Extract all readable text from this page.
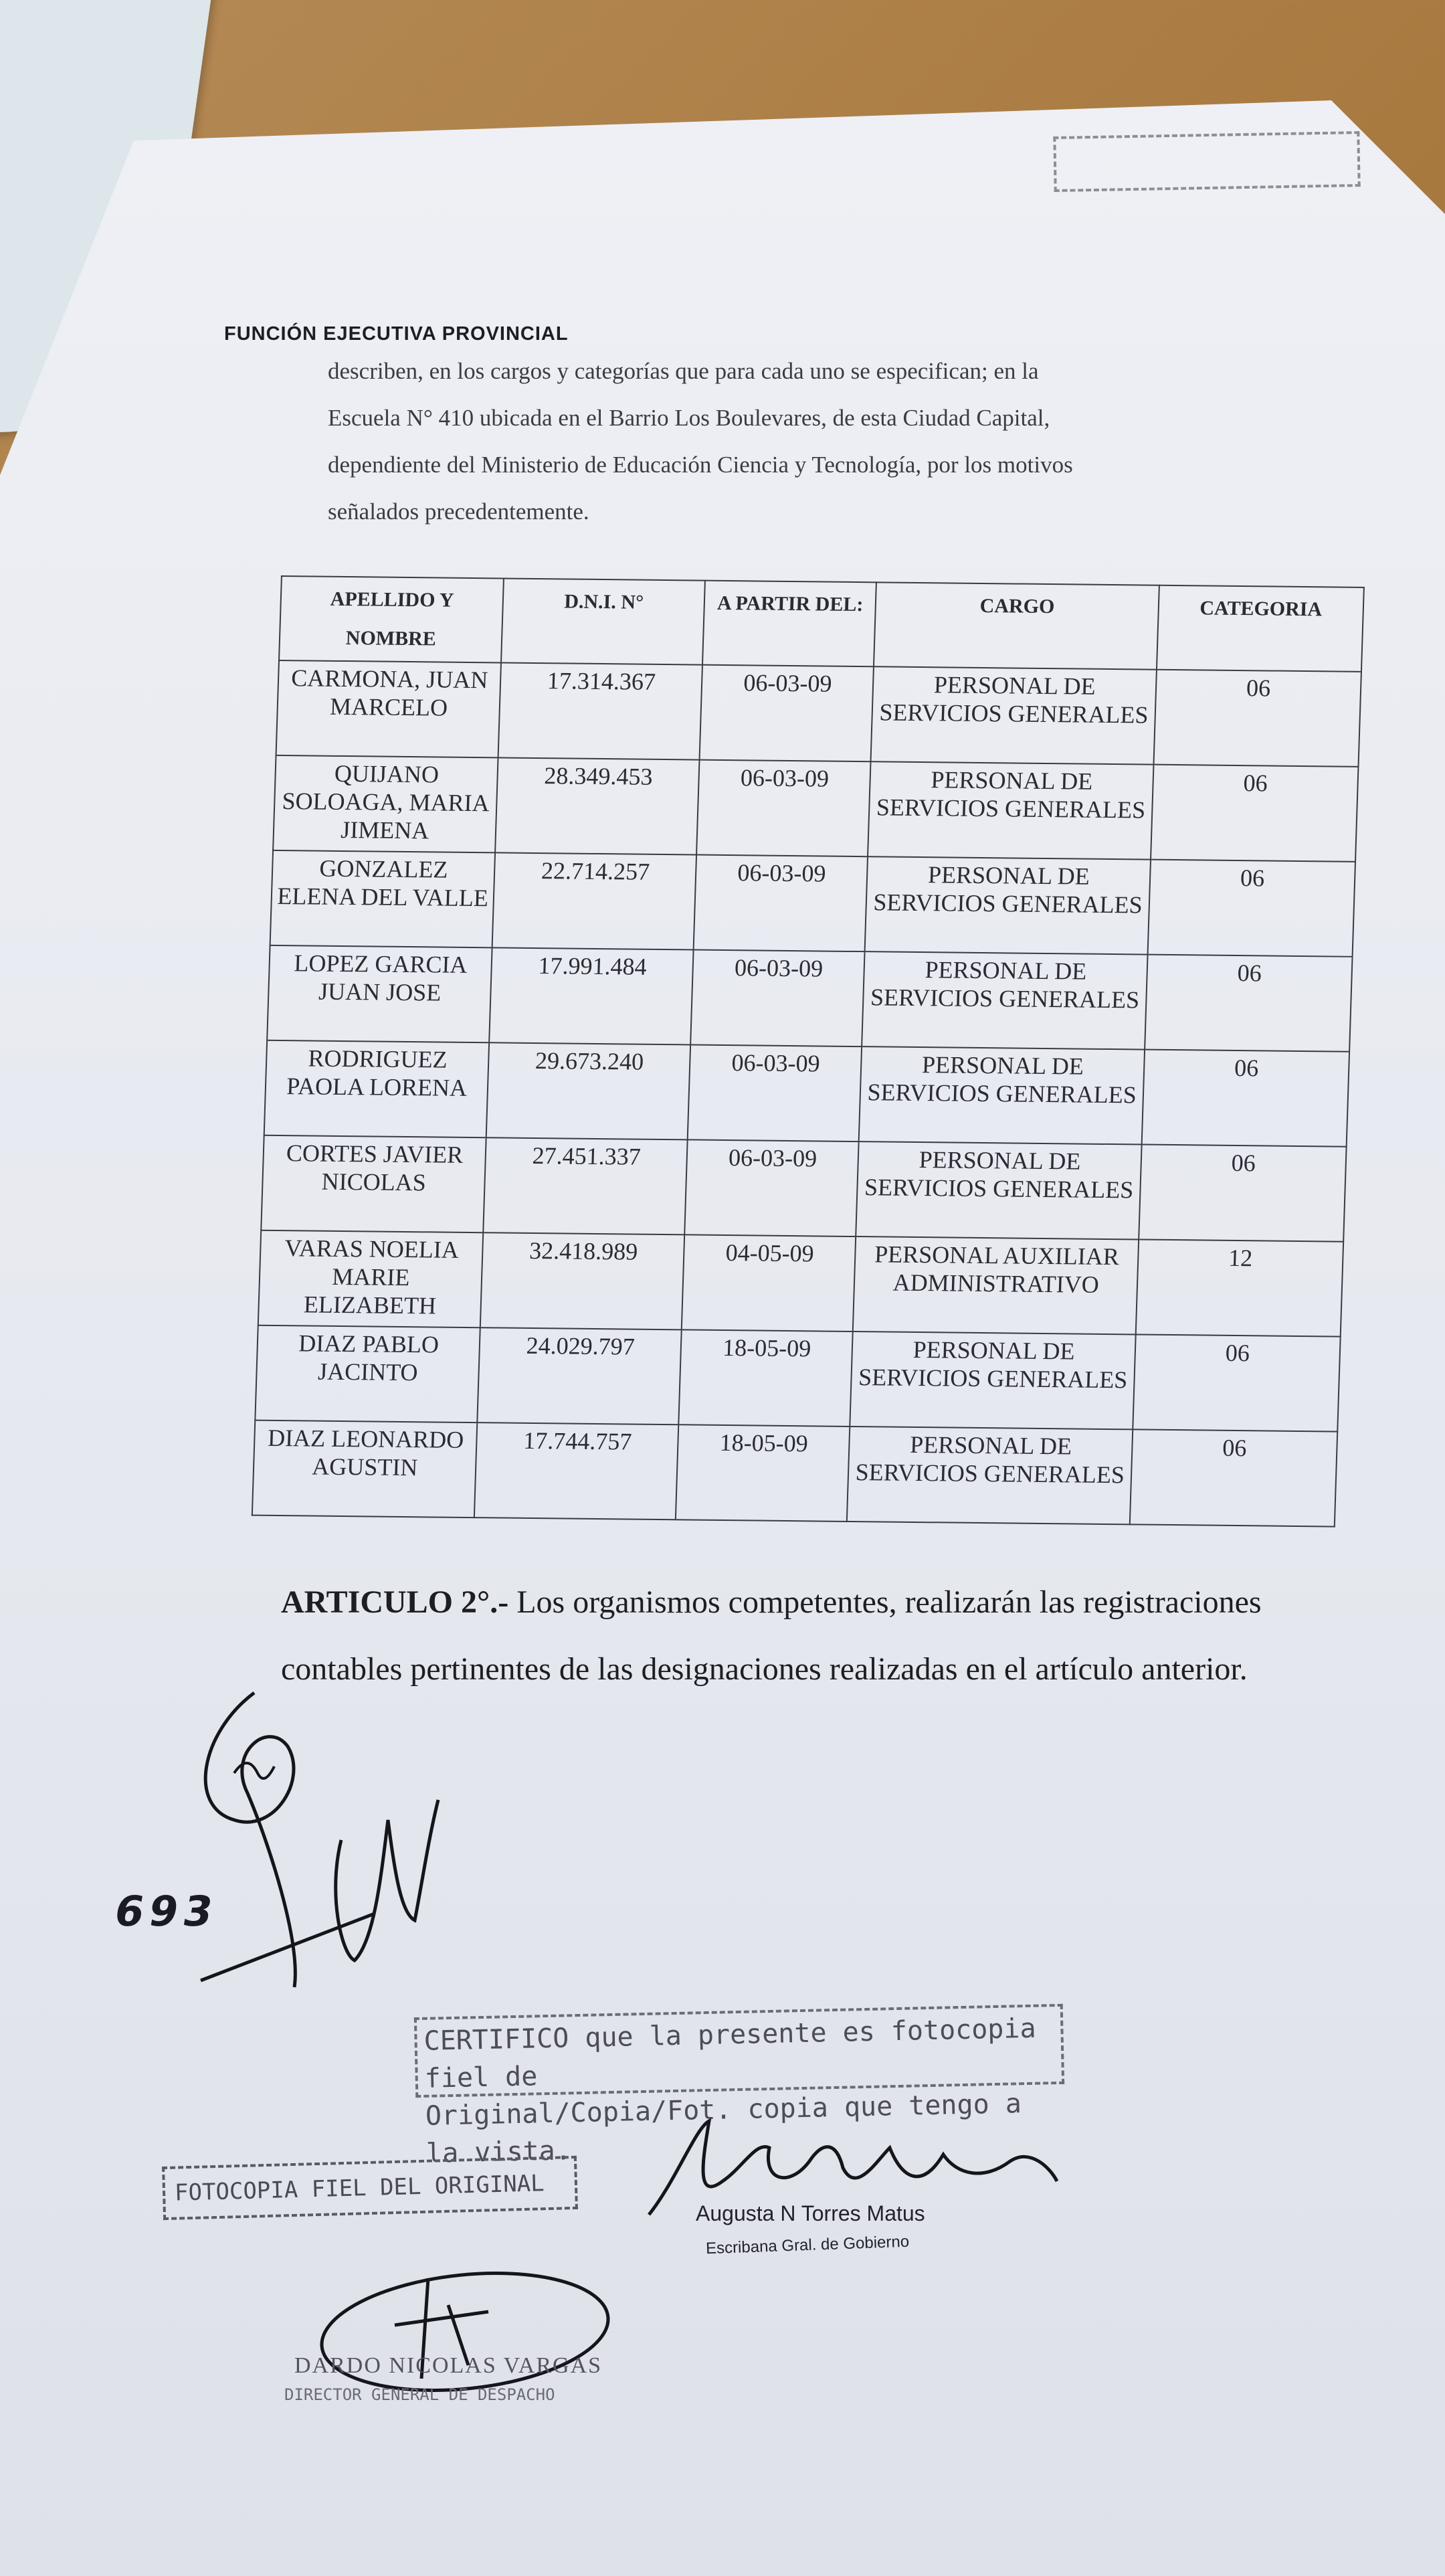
FUNCIÓN EJECUTIVA PROVINCIAL
describen, en los cargos y categorías que para cada uno se especifican; en la
Escuela N° 410 ubicada en el Barrio Los Boulevares, de esta Ciudad Capital,
dependiente del Ministerio de Educación Ciencia y Tecnología, por los motivos
señalados precedentemente.
APELLIDO Y NOMBRE	D.N.I. N°	A PARTIR DEL:	CARGO	CATEGORIA
CARMONA, JUAN MARCELO	17.314.367	06-03-09	PERSONAL DE SERVICIOS GENERALES	06
QUIJANO SOLOAGA, MARIA JIMENA	28.349.453	06-03-09	PERSONAL DE SERVICIOS GENERALES	06
GONZALEZ ELENA DEL VALLE	22.714.257	06-03-09	PERSONAL DE SERVICIOS GENERALES	06
LOPEZ GARCIA JUAN JOSE	17.991.484	06-03-09	PERSONAL DE SERVICIOS GENERALES	06
RODRIGUEZ PAOLA LORENA	29.673.240	06-03-09	PERSONAL DE SERVICIOS GENERALES	06
CORTES JAVIER NICOLAS	27.451.337	06-03-09	PERSONAL DE SERVICIOS GENERALES	06
VARAS NOELIA MARIE ELIZABETH	32.418.989	04-05-09	PERSONAL AUXILIAR ADMINISTRATIVO	12
DIAZ PABLO JACINTO	24.029.797	18-05-09	PERSONAL DE SERVICIOS GENERALES	06
DIAZ LEONARDO AGUSTIN	17.744.757	18-05-09	PERSONAL DE SERVICIOS GENERALES	06
ARTICULO 2°.- Los organismos competentes, realizarán las registraciones contables pertinentes de las designaciones realizadas en el artículo anterior.
693
CERTIFICO que la presente es fotocopia fiel de
Original/Copia/Fot. copia que tengo a la vista.
FOTOCOPIA FIEL DEL ORIGINAL
Augusta N Torres Matus
Escribana Gral. de Gobierno
DARDO NICOLAS VARGAS
DIRECTOR GENERAL DE DESPACHO
